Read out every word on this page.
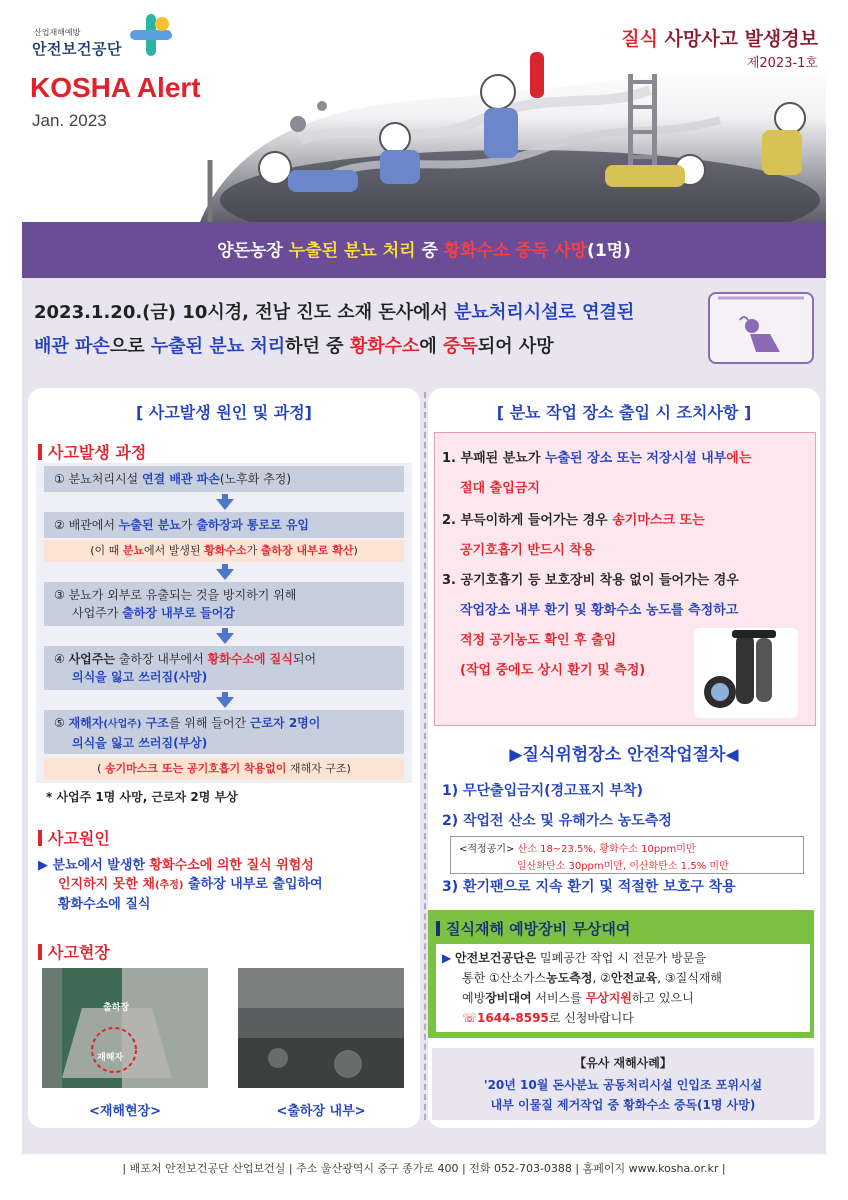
산업재해예방
안전보건공단
KOSHA Alert
Jan. 2023
질식 사망사고 발생경보
제2023-1호
양돈농장 누출된 분뇨 처리 중 황화수소 중독 사망(1명)
2023.1.20.(금) 10시경, 전남 진도 소재 돈사에서 분뇨처리시설로 연결된
배관 파손으로 누출된 분뇨 처리하던 중 황화수소에 중독되어 사망
[ 사고발생 원인 및 과정]
사고발생 과정
① 분뇨처리시설 연결 배관 파손(노후화 추정)
② 배관에서 누출된 분뇨가 출하장과 통로로 유입
(이 때 분뇨에서 발생된 황화수소가 출하장 내부로 확산)
③ 분뇨가 외부로 유출되는 것을 방지하기 위해
사업주가 출하장 내부로 들어감
④ 사업주는 출하장 내부에서 황화수소에 질식되어
의식을 잃고 쓰러짐(사망)
⑤ 재해자(사업주) 구조를 위해 들어간 근로자 2명이
의식을 잃고 쓰러짐(부상)
( 송기마스크 또는 공기호흡기 착용없이 재해자 구조)
* 사업주 1명 사망, 근로자 2명 부상
사고원인
▶ 분뇨에서 발생한 황화수소에 의한 질식 위험성
인지하지 못한 채(추정) 출하장 내부로 출입하여
황화수소에 질식
사고현장
출하장
재해자
<재해현장>	<출하장 내부>
[ 분뇨 작업 장소 출입 시 조치사항 ]
1. 부패된 분뇨가 누출된 장소 또는 저장시설 내부에는
절대 출입금지
2. 부득이하게 들어가는 경우 송기마스크 또는
공기호흡기 반드시 착용
3. 공기호흡기 등 보호장비 착용 없이 들어가는 경우
작업장소 내부 환기 및 황화수소 농도를 측정하고
적정 공기농도 확인 후 출입
(작업 중에도 상시 환기 및 측정)
▶질식위험장소 안전작업절차◀
1) 무단출입금지(경고표지 부착)
2) 작업전 산소 및 유해가스 농도측정
<적정공기> 산소 18~23.5%, 황화수소 10ppm미만
일산화탄소 30ppm미만, 이산화탄소 1.5% 미만
3) 환기팬으로 지속 환기 및 적절한 보호구 착용
질식재해 예방장비 무상대여
▶ 안전보건공단은 밀폐공간 작업 시 전문가 방문을
통한 ①산소가스농도측정, ②안전교육, ③질식재해
예방장비대여 서비스를 무상지원하고 있으니
☏1644-8595로 신청바랍니다
【유사 재해사례】
'20년 10월 돈사분뇨 공동처리시설 인입조 포위시설
내부 이물질 제거작업 중 황화수소 중독(1명 사망)
| 배포처 안전보건공단 산업보건실 | 주소 울산광역시 중구 종가로 400 | 전화 052-703-0388 | 홈페이지 www.kosha.or.kr |
